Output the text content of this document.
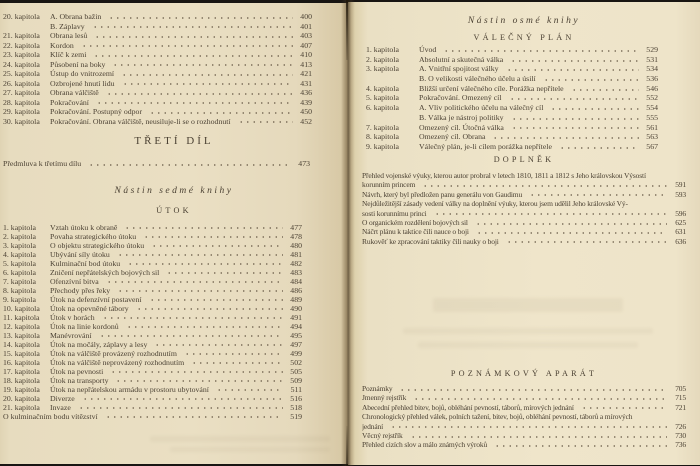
20. kapitola	A. Obrana bažin	400
B. Záplavy	401
21. kapitola	Obrana lesů	403
22. kapitola	Kordon	407
23. kapitola	Klíč k zemi	410
24. kapitola	Působení na boky	413
25. kapitola	Ústup do vnitrozemí	421
26. kapitola	Ozbrojené hnutí lidu	431
27. kapitola	Obrana válčiště	436
28. kapitola	Pokračování	439
29. kapitola	Pokračování. Postupný odpor	450
30. kapitola	Pokračování. Obrana válčiště, neusiluje-li se o rozhodnutí	452
TŘETÍ DÍL
Předmluva k třetímu dílu	473
Nástin sedmé knihy
ÚTOK
1. kapitola	Vztah útoku k obraně	477
2. kapitola	Povaha strategického útoku	478
3. kapitola	O objektu strategického útoku	480
4. kapitola	Ubývání síly útoku	481
5. kapitola	Kulminační bod útoku	482
6. kapitola	Zničení nepřátelských bojových sil	483
7. kapitola	Ofenzívní bitva	484
8. kapitola	Přechody přes řeky	486
9. kapitola	Útok na defenzívní postavení	489
10. kapitola	Útok na opevněné tábory	490
11. kapitola	Útok v horách	491
12. kapitola	Útok na linie kordonů	494
13. kapitola	Manévrování	495
14. kapitola	Útok na močály, záplavy a lesy	497
15. kapitola	Útok na válčiště provázený rozhodnutím	499
16. kapitola	Útok na válčiště neprovázený rozhodnutím	502
17. kapitola	Útok na pevnosti	505
18. kapitola	Útok na transporty	509
19. kapitola	Útok na nepřátelskou armádu v prostoru ubytování	511
20. kapitola	Diverze	516
21. kapitola	Invaze	518
O kulminačním bodu vítězství	519
Nástin osmé knihy
VÁLEČNÝ PLÁN
1. kapitola	Úvod	529
2. kapitola	Absolutní a skutečná válka	531
3. kapitola	A. Vnitřní spojitost války	534
B. O velikosti válečného účelu a úsilí	536
4. kapitola	Bližší určení válečného cíle. Porážka nepřítele	546
5. kapitola	Pokračování. Omezený cíl	552
6. kapitola	A. Vliv politického účelu na válečný cíl	554
B. Válka je nástroj politiky	555
7. kapitola	Omezený cíl. Útočná válka	561
8. kapitola	Omezený cíl. Obrana	563
9. kapitola	Válečný plán, je-li cílem porážka nepřítele	567
DOPLNĚK
Přehled vojenské výuky, kterou autor probral v letech 1810, 1811 a 1812 s Jeho královskou Výsostí
korunním princem	591
Návrh, který byl předložen panu generálu von Gaudimu	593
Nejdůležitější zásady vedení války na doplnění výuky, kterou jsem udělil Jeho královské Vý-
sosti korunnímu princi	596
O organickém rozdělení bojových sil	625
Náčrt plánu k taktice čili nauce o boji	631
Rukověť ke zpracování taktiky čili nauky o boji	636
POZNÁMKOVÝ APARÁT
Poznámky	705
Jmenný rejstřík	715
Abecední přehled bitev, bojů, obléhání pevností, táborů, mírových jednání	721
Chronologický přehled válek, polních tažení, bitev, bojů, obléhání pevností, táborů a mírových
jednání	726
Věcný rejstřík	730
Přehled cizích slov a málo známých výroků	736
